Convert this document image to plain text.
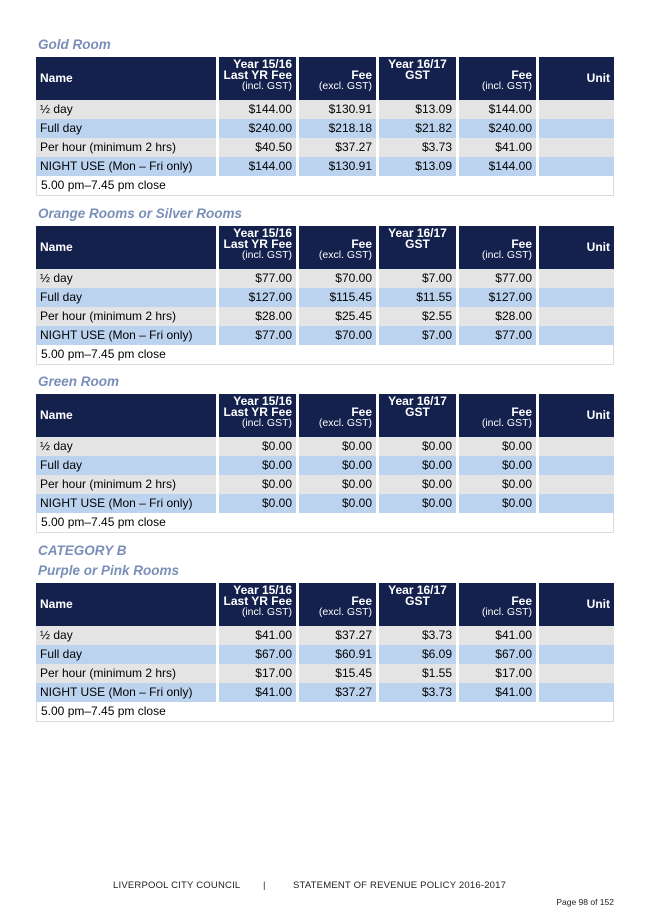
Gold Room
Name	Year 15/16
Last YR Fee
(incl. GST)	Fee
(excl. GST)	Year 16/17
GST	Fee
(incl. GST)	Unit
½ day	$144.00	$130.91	$13.09	$144.00	
Full day	$240.00	$218.18	$21.82	$240.00	
Per hour (minimum 2 hrs)	$40.50	$37.27	$3.73	$41.00	
NIGHT USE (Mon – Fri only)	$144.00	$130.91	$13.09	$144.00	
5.00 pm–7.45 pm close					
Orange Rooms or Silver Rooms
Name	Year 15/16
Last YR Fee
(incl. GST)	Fee
(excl. GST)	Year 16/17
GST	Fee
(incl. GST)	Unit
½ day	$77.00	$70.00	$7.00	$77.00	
Full day	$127.00	$115.45	$11.55	$127.00	
Per hour (minimum 2 hrs)	$28.00	$25.45	$2.55	$28.00	
NIGHT USE (Mon – Fri only)	$77.00	$70.00	$7.00	$77.00	
5.00 pm–7.45 pm close					
Green Room
Name	Year 15/16
Last YR Fee
(incl. GST)	Fee
(excl. GST)	Year 16/17
GST	Fee
(incl. GST)	Unit
½ day	$0.00	$0.00	$0.00	$0.00	
Full day	$0.00	$0.00	$0.00	$0.00	
Per hour (minimum 2 hrs)	$0.00	$0.00	$0.00	$0.00	
NIGHT USE (Mon – Fri only)	$0.00	$0.00	$0.00	$0.00	
5.00 pm–7.45 pm close					
CATEGORY B
Purple or Pink Rooms
Name	Year 15/16
Last YR Fee
(incl. GST)	Fee
(excl. GST)	Year 16/17
GST	Fee
(incl. GST)	Unit
½ day	$41.00	$37.27	$3.73	$41.00	
Full day	$67.00	$60.91	$6.09	$67.00	
Per hour (minimum 2 hrs)	$17.00	$15.45	$1.55	$17.00	
NIGHT USE (Mon – Fri only)	$41.00	$37.27	$3.73	$41.00	
5.00 pm–7.45 pm close					
LIVERPOOL CITY COUNCIL |	STATEMENT OF REVENUE POLICY 2016-2017
Page 98 of 152
